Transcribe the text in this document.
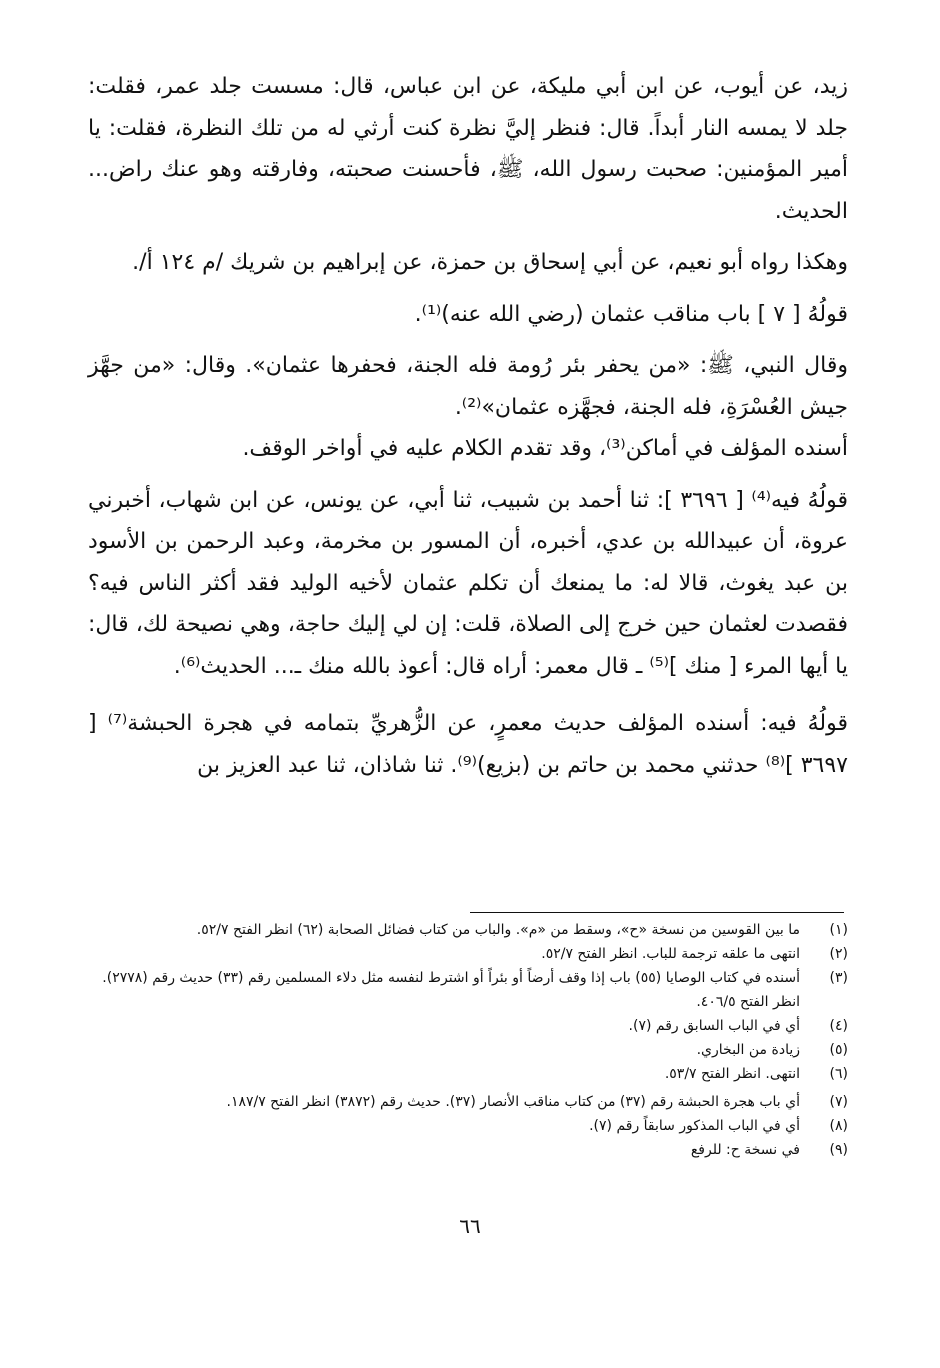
زيد، عن أيوب، عن ابن أبي مليكة، عن ابن عباس، قال: مسست جلد عمر، فقلت: جلد لا يمسه النار أبداً. قال: فنظر إليَّ نظرة كنت أرثي له من تلك النظرة، فقلت: يا أمير المؤمنين: صحبت رسول الله، ﷺ، فأحسنت صحبته، وفارقته وهو عنك راض... الحديث.

وهكذا رواه أبو نعيم، عن أبي إسحاق بن حمزة، عن إبراهيم بن شريك /م ١٢٤ أ/.

قولُهُ [ ٧ ] باب مناقب عثمان (رضي الله عنه)⁽¹⁾.

وقال النبي، ﷺ: «من يحفر بئر رُومة فله الجنة، فحفرها عثمان». وقال: «من جهَّز جيش العُسْرَةِ، فله الجنة، فجهَّزه عثمان»⁽²⁾.

أسنده المؤلف في أماكن⁽³⁾، وقد تقدم الكلام عليه في أواخر الوقف.

قولُهُ فيه⁽⁴⁾ [ ٣٦٩٦ ]: ثنا أحمد بن شبيب، ثنا أبي، عن يونس، عن ابن شهاب، أخبرني عروة، أن عبيدالله بن عدي، أخبره، أن المسور بن مخرمة، وعبد الرحمن بن الأسود بن عبد يغوث، قالا له: ما يمنعك أن تكلم عثمان لأخيه الوليد فقد أكثر الناس فيه؟ فقصدت لعثمان حين خرج إلى الصلاة، قلت: إن لي إليك حاجة، وهي نصيحة لك، قال: يا أيها المرء [ منك ]⁽⁵⁾ ـ قال معمر: أراه قال: أعوذ بالله منك ـ... الحديث⁽⁶⁾.

قولُهُ فيه: أسنده المؤلف حديث معمرٍ، عن الزُّهريِّ بتمامه في هجرة الحبشة⁽⁷⁾ [ ٣٦٩٧ ]⁽⁸⁾ حدثني محمد بن حاتم بن (بزيع)⁽⁹⁾. ثنا شاذان، ثنا عبد العزيز بن

(١)
ما بين القوسين من نسخة «ح»، وسقط من «م». والباب من كتاب فضائل الصحابة (٦٢) انظر الفتح ٥٢/٧.
(٢)
انتهى ما علقه ترجمة للباب. انظر الفتح ٥٢/٧.
(٣)
أسنده في كتاب الوصايا (٥٥) باب إذا وقف أرضاً أو بئراً أو اشترط لنفسه مثل دلاء المسلمين رقم (٣٣) حديث رقم (٢٧٧٨). انظر الفتح ٤٠٦/٥.
(٤)
أي في الباب السابق رقم (٧).
(٥)
زيادة من البخاري.
(٦)
انتهى. انظر الفتح ٥٣/٧.
(٧)
أي باب هجرة الحبشة رقم (٣٧) من كتاب مناقب الأنصار (٣٧). حديث رقم (٣٨٧٢) انظر الفتح ١٨٧/٧.
(٨)
أي في الباب المذكور سابقاً رقم (٧).
(٩)
في نسخة ح: للرفع
٦٦
